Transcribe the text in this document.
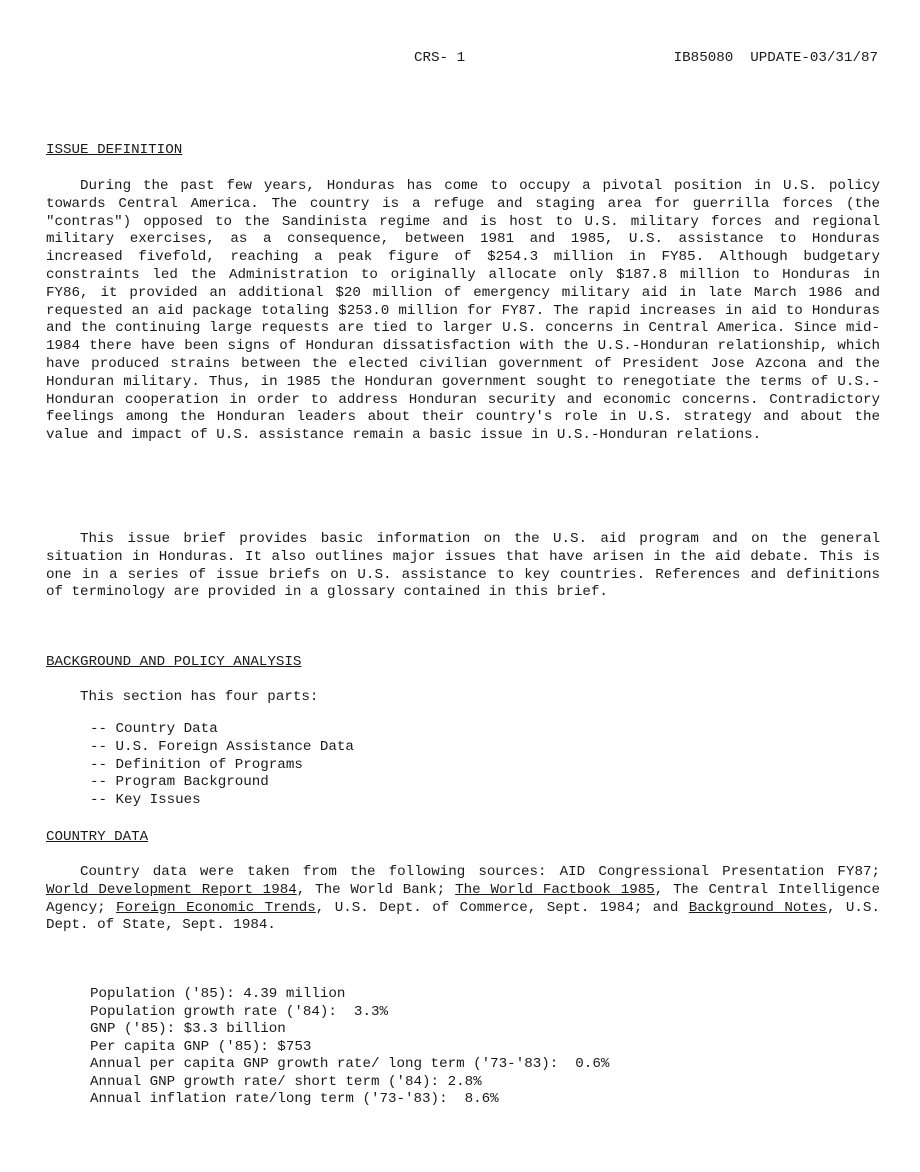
CRS- 1	IB85080  UPDATE-03/31/87
ISSUE DEFINITION

During the past few years, Honduras has come to occupy a pivotal position in U.S. policy towards Central America. The country is a refuge and staging area for guerrilla forces (the "contras") opposed to the Sandinista regime and is host to U.S. military forces and regional military exercises, as a consequence, between 1981 and 1985, U.S. assistance to Honduras increased fivefold, reaching a peak figure of $254.3 million in FY85. Although budgetary constraints led the Administration to originally allocate only $187.8 million to Honduras in FY86, it provided an additional $20 million of emergency military aid in late March 1986 and requested an aid package totaling $253.0 million for FY87. The rapid increases in aid to Honduras and the continuing large requests are tied to larger U.S. concerns in Central America. Since mid-1984 there have been signs of Honduran dissatisfaction with the U.S.-Honduran relationship, which have produced strains between the elected civilian government of President Jose Azcona and the Honduran military. Thus, in 1985 the Honduran government sought to renegotiate the terms of U.S.-Honduran cooperation in order to address Honduran security and economic concerns. Contradictory feelings among the Honduran leaders about their country's role in U.S. strategy and about the value and impact of U.S. assistance remain a basic issue in U.S.-Honduran relations.

This issue brief provides basic information on the U.S. aid program and on the general situation in Honduras. It also outlines major issues that have arisen in the aid debate. This is one in a series of issue briefs on U.S. assistance to key countries. References and definitions of terminology are provided in a glossary contained in this brief.

BACKGROUND AND POLICY ANALYSIS
This section has four parts:
-- Country Data
-- U.S. Foreign Assistance Data
-- Definition of Programs
-- Program Background
-- Key Issues
COUNTRY DATA

Country data were taken from the following sources: AID Congressional Presentation FY87; World Development Report 1984, The World Bank; The World Factbook 1985, The Central Intelligence Agency; Foreign Economic Trends, U.S. Dept. of Commerce, Sept. 1984; and Background Notes, U.S. Dept. of State, Sept. 1984.

Population ('85): 4.39 million
Population growth rate ('84):  3.3%
GNP ('85): $3.3 billion
Per capita GNP ('85): $753
Annual per capita GNP growth rate/ long term ('73-'83):  0.6%
Annual GNP growth rate/ short term ('84): 2.8%
Annual inflation rate/long term ('73-'83):  8.6%
